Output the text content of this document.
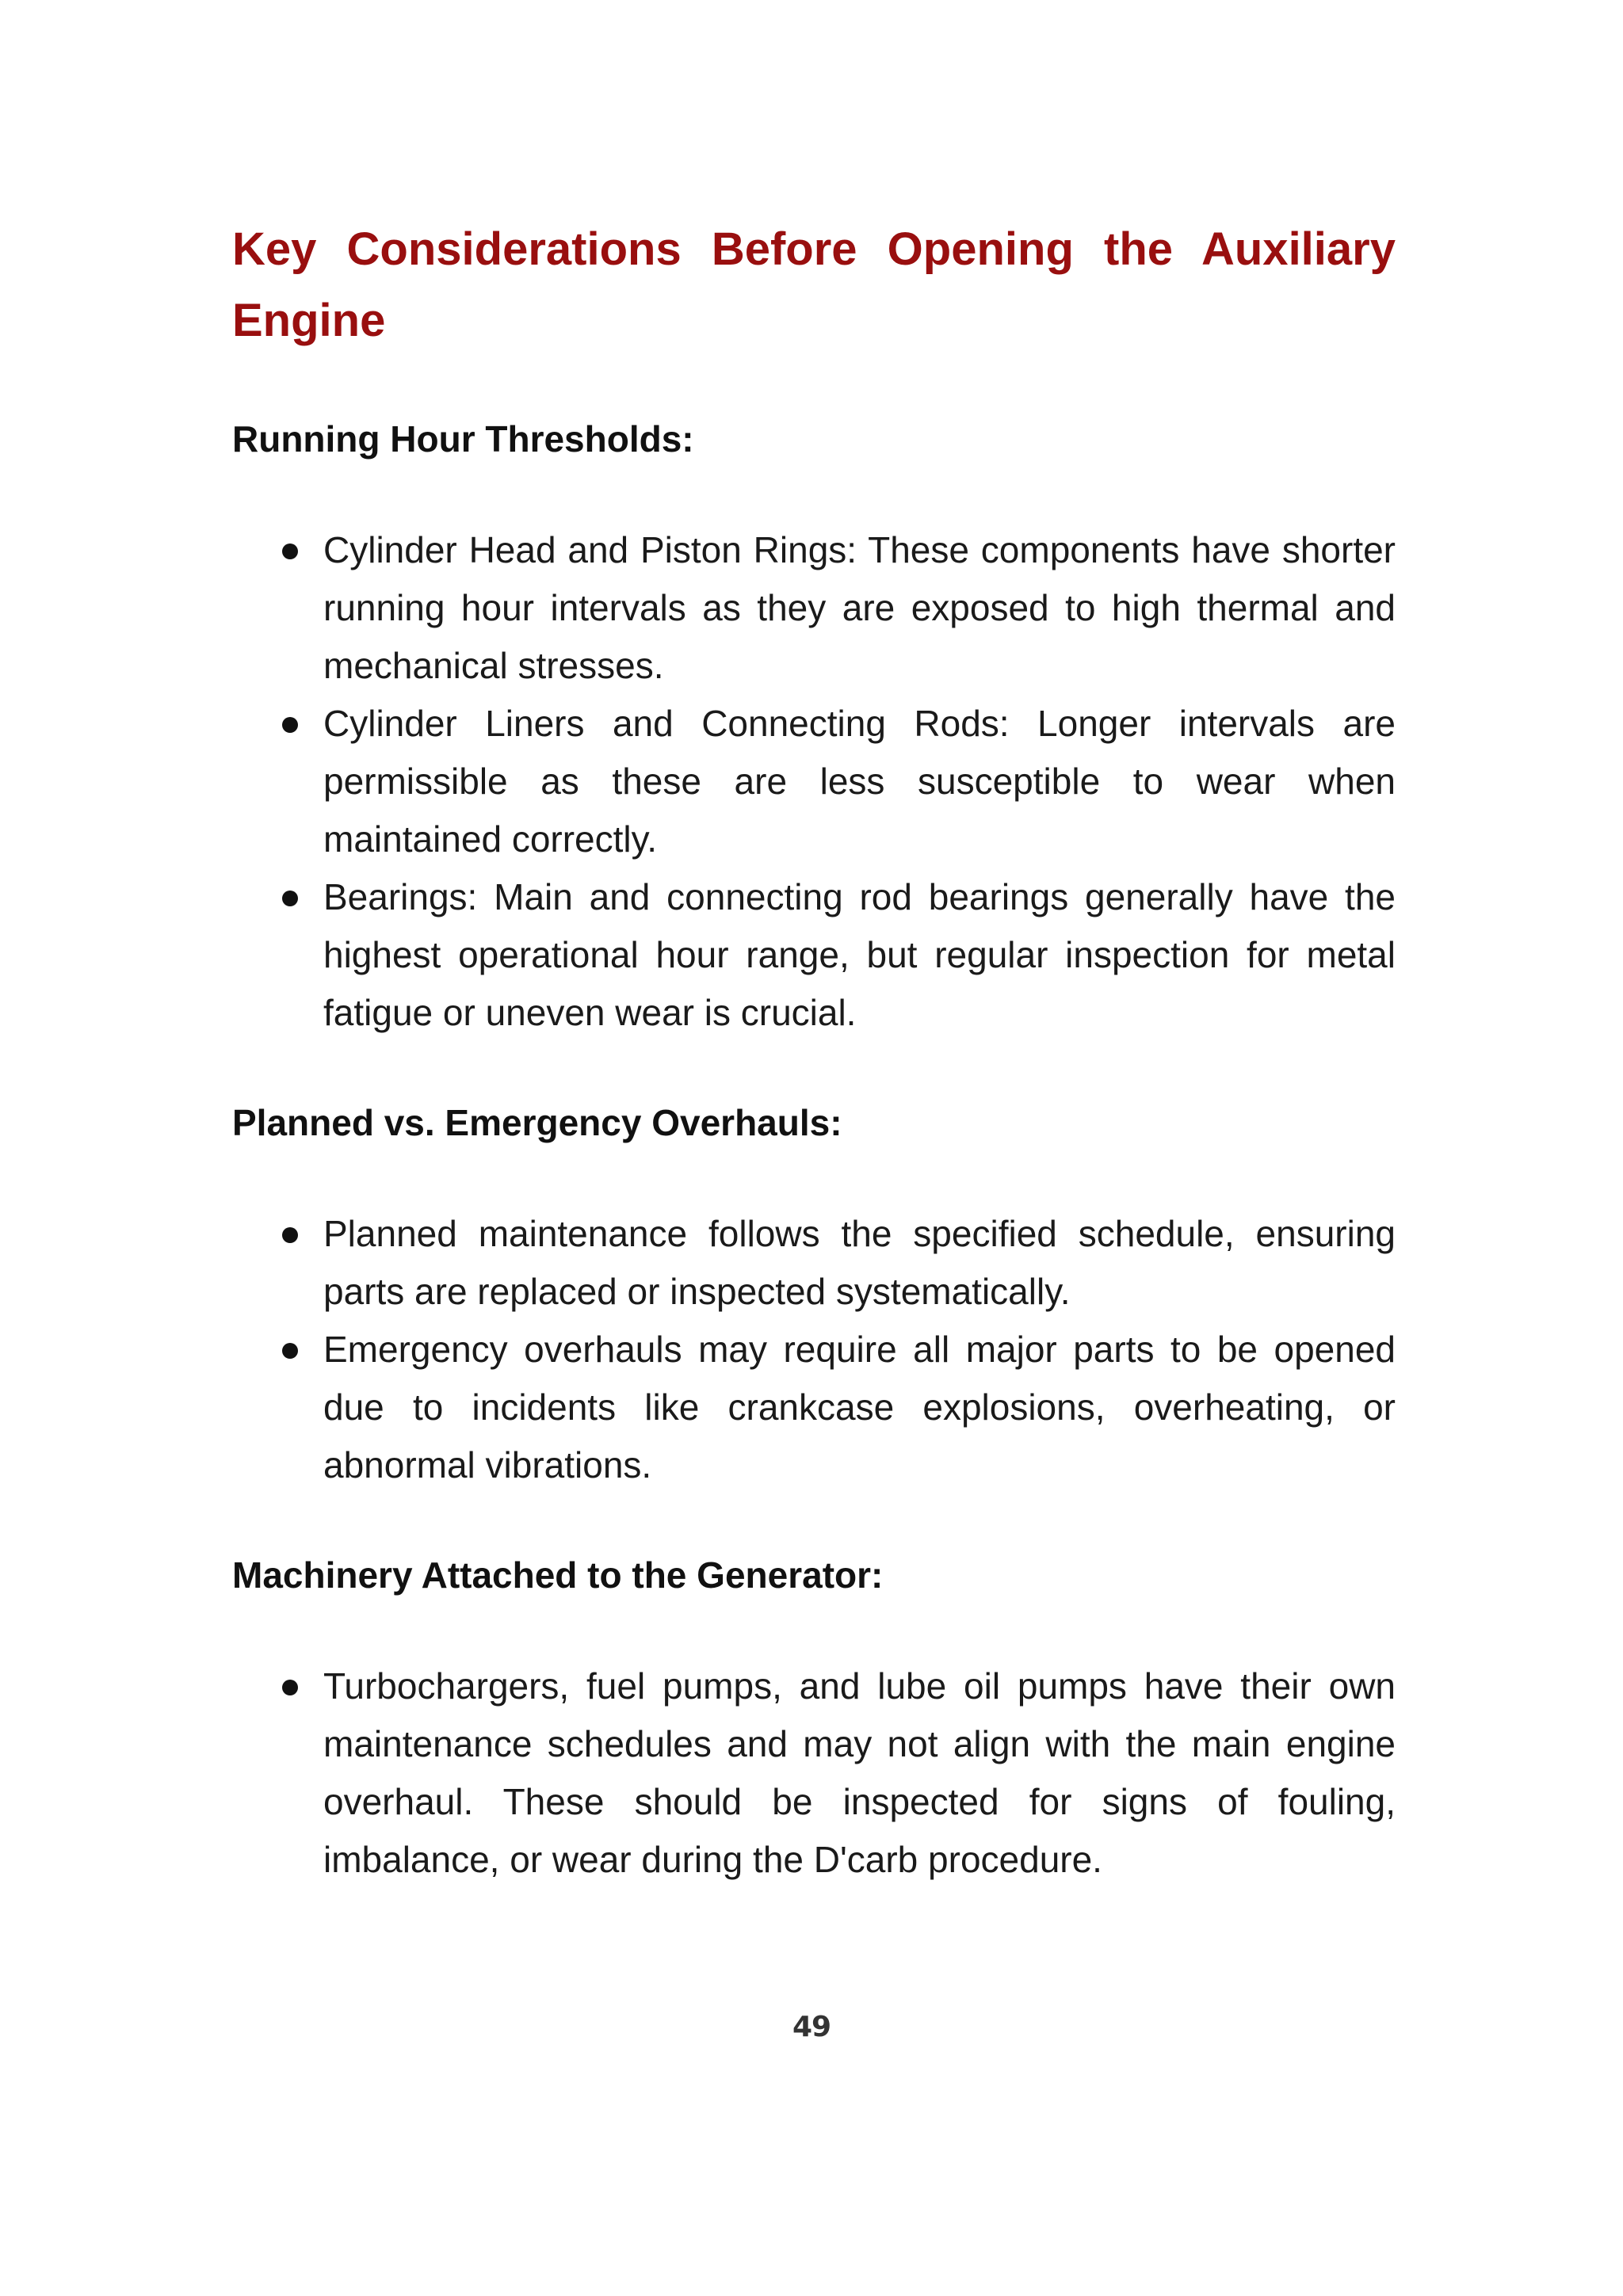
Key Considerations Before Opening the Auxiliary Engine
Running Hour Thresholds:
Cylinder Head and Piston Rings: These components have shorter running hour intervals as they are exposed to high thermal and mechanical stresses.
Cylinder Liners and Connecting Rods: Longer intervals are permissible as these are less susceptible to wear when maintained correctly.
Bearings: Main and connecting rod bearings generally have the highest operational hour range, but regular inspection for metal fatigue or uneven wear is crucial.
Planned vs. Emergency Overhauls:
Planned maintenance follows the specified schedule, ensuring parts are replaced or inspected systematically.
Emergency overhauls may require all major parts to be opened due to incidents like crankcase explosions, overheating, or abnormal vibrations.
Machinery Attached to the Generator:
Turbochargers, fuel pumps, and lube oil pumps have their own maintenance schedules and may not align with the main engine overhaul. These should be inspected for signs of fouling, imbalance, or wear during the D'carb procedure.
49
